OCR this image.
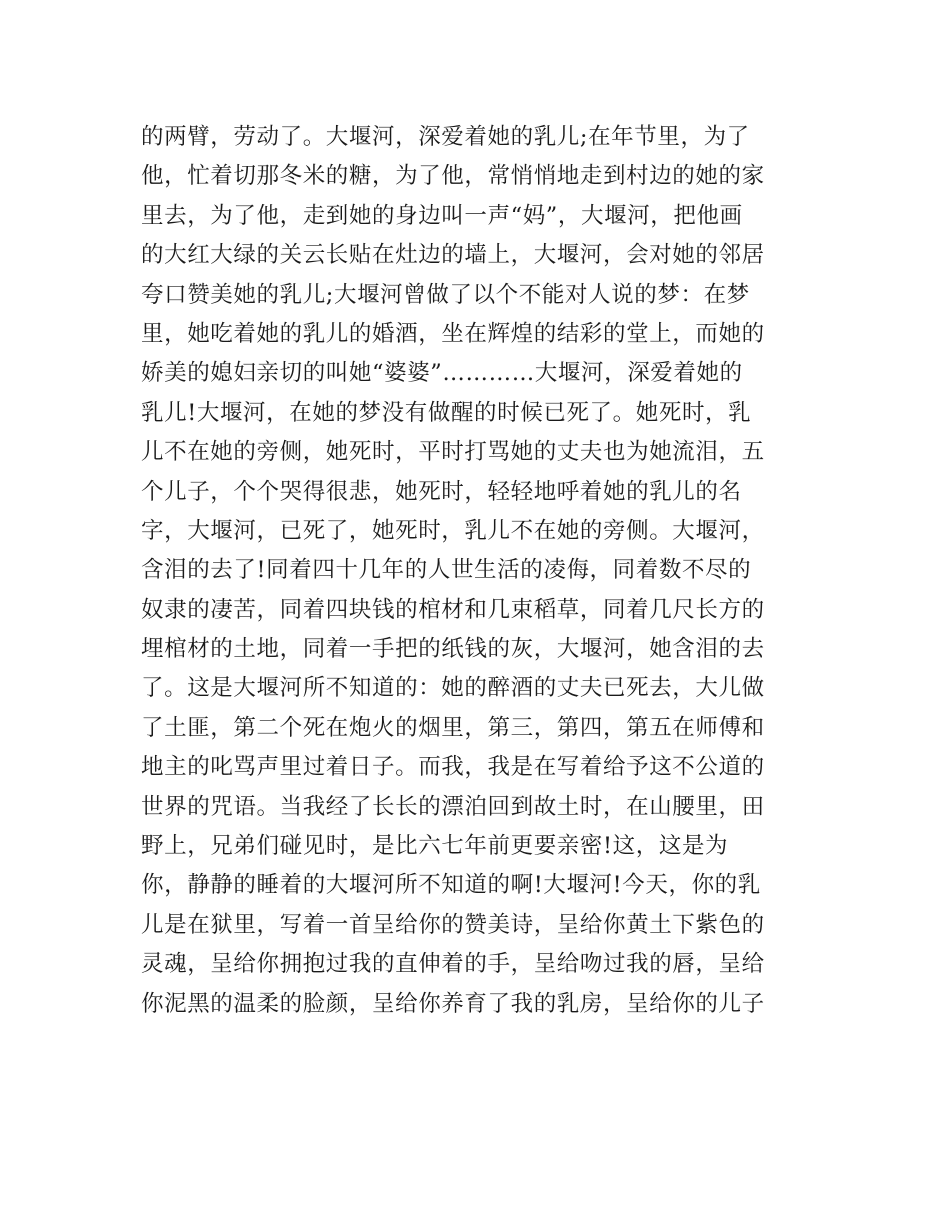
的两臂，劳动了。大堰河，深爱着她的乳儿;在年节里，为了
他，忙着切那冬米的糖，为了他，常悄悄地走到村边的她的家
里去，为了他，走到她的身边叫一声“妈”，大堰河，把他画
的大红大绿的关云长贴在灶边的墙上，大堰河，会对她的邻居
夸口赞美她的乳儿;大堰河曾做了以个不能对人说的梦：在梦
里，她吃着她的乳儿的婚酒，坐在辉煌的结彩的堂上，而她的
娇美的媳妇亲切的叫她“婆婆”…………大堰河，深爱着她的
乳儿!大堰河，在她的梦没有做醒的时候已死了。她死时，乳
儿不在她的旁侧，她死时，平时打骂她的丈夫也为她流泪，五
个儿子，个个哭得很悲，她死时，轻轻地呼着她的乳儿的名
字，大堰河，已死了，她死时，乳儿不在她的旁侧。大堰河，
含泪的去了!同着四十几年的人世生活的凌侮，同着数不尽的
奴隶的凄苦，同着四块钱的棺材和几束稻草，同着几尺长方的
埋棺材的土地，同着一手把的纸钱的灰，大堰河，她含泪的去
了。这是大堰河所不知道的：她的醉酒的丈夫已死去，大儿做
了土匪，第二个死在炮火的烟里，第三，第四，第五在师傅和
地主的叱骂声里过着日子。而我，我是在写着给予这不公道的
世界的咒语。当我经了长长的漂泊回到故土时，在山腰里，田
野上，兄弟们碰见时，是比六七年前更要亲密!这，这是为
你，静静的睡着的大堰河所不知道的啊!大堰河!今天，你的乳
儿是在狱里，写着一首呈给你的赞美诗，呈给你黄土下紫色的
灵魂，呈给你拥抱过我的直伸着的手，呈给吻过我的唇，呈给
你泥黑的温柔的脸颜，呈给你养育了我的乳房，呈给你的儿子
